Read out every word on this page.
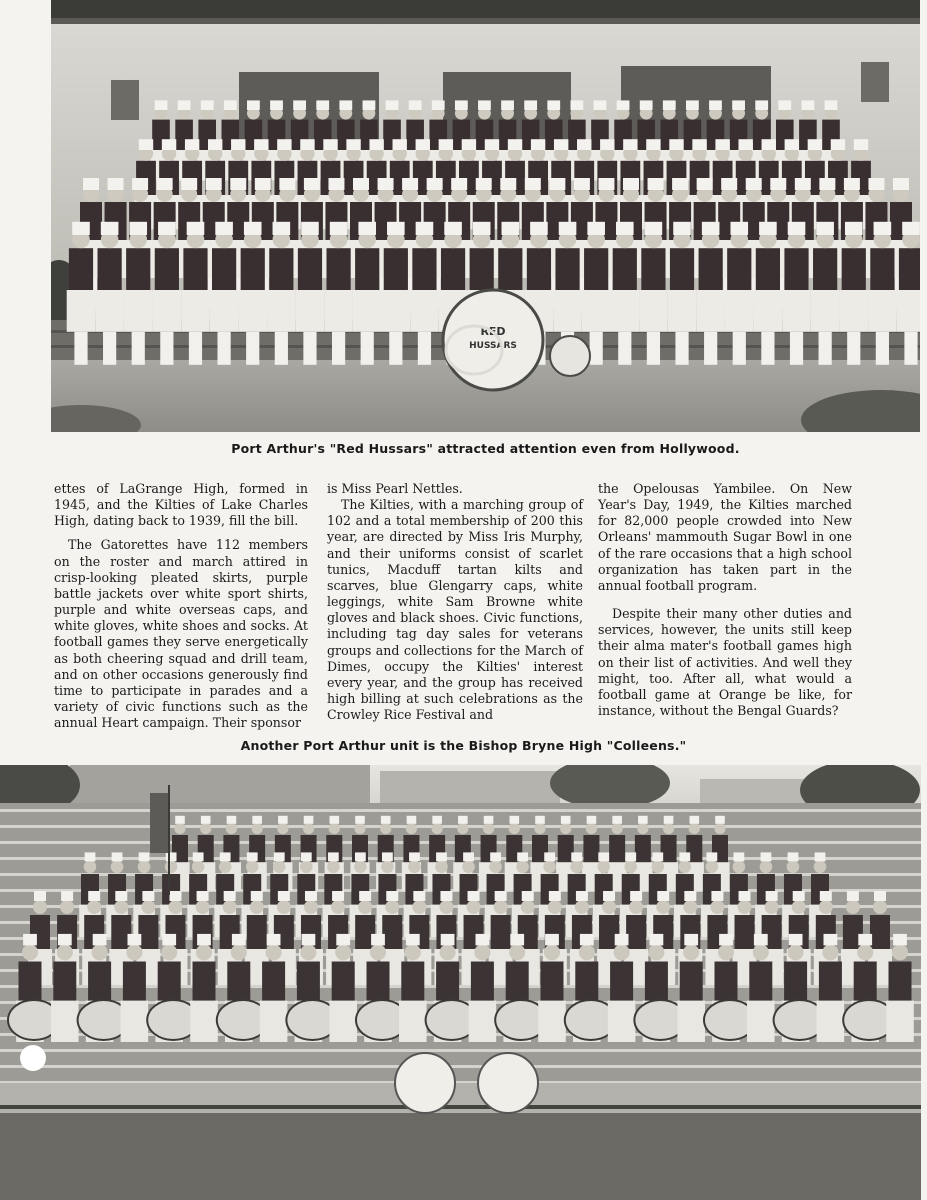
RED
HUSSARS
Port Arthur's "Red Hussars" attracted attention even from Hollywood.

ettes of LaGrange High, formed in 1945, and the Kilties of Lake Charles High, dating back to 1939, fill the bill.

The Gatorettes have 112 members on the roster and march attired in crisp-looking pleated skirts, purple battle jackets over white sport shirts, purple and white overseas caps, and white gloves, white shoes and socks. At football games they serve energetically as both cheering squad and drill team, and on other occasions generously find time to participate in parades and a variety of civic functions such as the annual Heart campaign. Their sponsor

is Miss Pearl Nettles.

The Kilties, with a marching group of 102 and a total membership of 200 this year, are directed by Miss Iris Murphy, and their uniforms consist of scarlet tunics, Macduff tartan kilts and scarves, blue Glengarry caps, white leggings, white Sam Browne white gloves and black shoes. Civic functions, including tag day sales for veterans groups and collections for the March of Dimes, occupy the Kilties' interest every year, and the group has received high billing at such celebrations as the Crowley Rice Festival and

the Opelousas Yambilee. On New Year's Day, 1949, the Kilties marched for 82,000 people crowded into New Orleans' mammouth Sugar Bowl in one of the rare occasions that a high school organization has taken part in the annual football program.

Despite their many other duties and services, however, the units still keep their alma mater's football games high on their list of activities. And well they might, too. After all, what would a football game at Orange be like, for instance, without the Bengal Guards?

Another Port Arthur unit is the Bishop Bryne High "Colleens."
